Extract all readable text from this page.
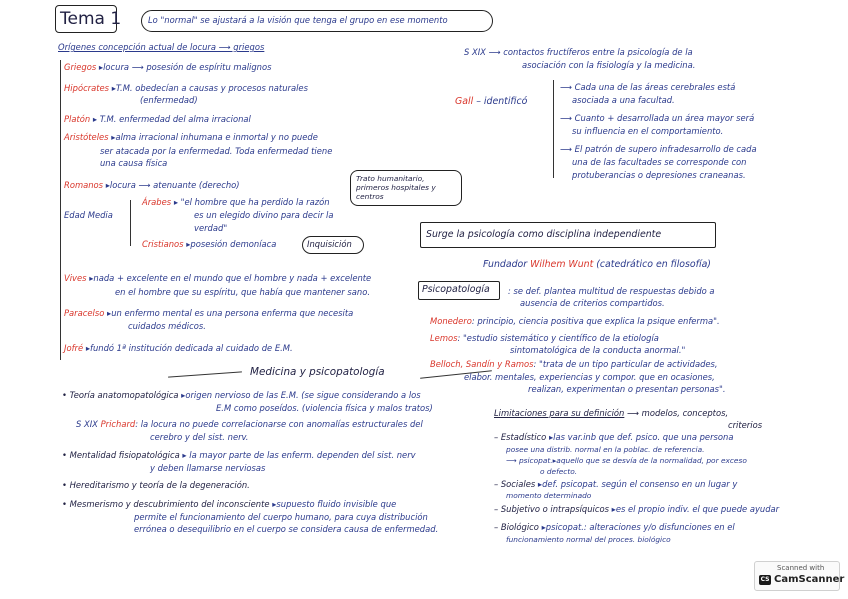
Tema 1	Lo "normal" se ajustará a la visión que tenga el grupo en ese momento
Orígenes concepción actual de locura ⟶ griegos
Griegos ▸locura ⟶ posesión de espíritu malignos
Hipócrates ▸T.M. obedecían a causas y procesos naturales
(enfermedad)
Platón ▸ T.M. enfermedad del alma irracional
Aristóteles ▸alma irracional inhumana e inmortal y no puede
ser atacada por la enfermedad. Toda enfermedad tiene
una causa física
Romanos ▸locura ⟶ atenuante (derecho)
Trato humanitario, primeros hospitales y centros
Edad Media
Árabes ▸ "el hombre que ha perdido la razón
es un elegido divino para decir la
verdad"
Cristianos ▸posesión demoníaca	Inquisición
Vives ▸nada + excelente en el mundo que el hombre y nada + excelente
en el hombre que su espíritu, que había que mantener sano.
Paracelso ▸un enfermo mental es una persona enferma que necesita
cuidados médicos.
Jofré ▸fundó 1ª institución dedicada al cuidado de E.M.
Medicina y psicopatología
• Teoría anatomopatológica ▸origen nervioso de las E.M. (se sigue considerando a los
E.M como poseídos. (violencia física y malos tratos)
S XIX Prichard: la locura no puede correlacionarse con anomalías estructurales del
cerebro y del sist. nerv.
• Mentalidad fisiopatológica ▸ la mayor parte de las enferm. dependen del sist. nerv
y deben llamarse nerviosas
• Hereditarismo y teoría de la degeneración.
• Mesmerismo y descubrimiento del inconsciente ▸supuesto fluido invisible que
permite el funcionamiento del cuerpo humano, para cuya distribución
errónea o desequilibrio en el cuerpo se considera causa de enfermedad.
S XIX ⟶ contactos fructíferos entre la psicología de la
asociación con la fisiología y la medicina.
Gall – identificó
⟶ Cada una de las áreas cerebrales está
asociada a una facultad.
⟶ Cuanto + desarrollada un área mayor será
su influencia en el comportamiento.
⟶ El patrón de supero infradesarrollo de cada
una de las facultades se corresponde con
protuberancias o depresiones craneanas.
Surge la psicología como disciplina independiente
Fundador Wilhem Wunt (catedrático en filosofía)
Psicopatología : se def. plantea multitud de respuestas debido a
ausencia de criterios compartidos.
Monedero: principio, ciencia positiva que explica la psique enferma".
Lemos: "estudio sistemático y científico de la etiología
sintomatológica de la conducta anormal."
Belloch, Sandín y Ramos: "trata de un tipo particular de actividades,
elabor. mentales, experiencias y compor. que en ocasiones,
realizan, experimentan o presentan personas".
Limitaciones para su definición ⟶ modelos, conceptos,
criterios
– Estadístico ▸las var.inb que def. psico. que una persona
posee una distrib. normal en la poblac. de referencia.
⟶ psicopat.▸aquello que se desvía de la normalidad, por exceso
o defecto.
– Sociales ▸def. psicopat. según el consenso en un lugar y
momento determinado
– Subjetivo o intrapsíquicos ▸es el propio indiv. el que puede ayudar
– Biológico ▸psicopat.: alteraciones y/o disfunciones en el
funcionamiento normal del proces. biológico
Scanned with
CS CamScanner
